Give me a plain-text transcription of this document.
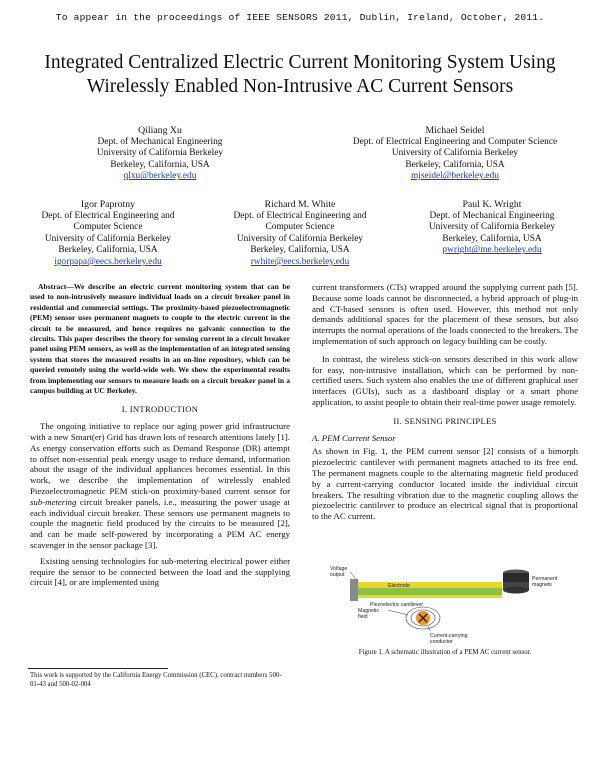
To appear in the proceedings of IEEE SENSORS 2011, Dublin, Ireland, October, 2011.
Integrated Centralized Electric Current Monitoring System Using Wirelessly Enabled Non-Intrusive AC Current Sensors
Qiliang Xu
Dept. of Mechanical Engineering
University of California Berkeley
Berkeley, California, USA
qlxu@berkeley.edu
Michael Seidel
Dept. of Electrical Engineering and Computer Science
University of California Berkeley
Berkeley, California, USA
mjseidel@berkeley.edu
Igor Paprotny
Dept. of Electrical Engineering and
Computer Science
University of California Berkeley
Berkeley, California, USA
igorpapa@eecs.berkeley.edu
Richard M. White
Dept. of Electrical Engineering and
Computer Science
University of California Berkeley
Berkeley, California, USA
rwhite@eecs.berkeley.edu
Paul K. Wright
Dept. of Mechanical Engineering
University of California Berkeley
Berkeley, California, USA
pwright@me.berkeley.edu

Abstract—We describe an electric current monitoring system that can be used to non-intrusively measure individual loads on a circuit breaker panel in residential and commercial settings. The proximity-based piezoelectromagnetic (PEM) sensor uses permanent magnets to couple to the electric current in the circuit to be measured, and hence requires no galvanic connection to the circuits. This paper describes the theory for sensing current in a circuit breaker panel using PEM sensors, as well as the implementation of an integrated sensing system that stores the measured results in an on-line repository, which can be queried remotely using the world-wide web. We show the experimental results from implementing our sensors to measure loads on a circuit breaker panel in a campus building at UC Berkeley.

I. INTRODUCTION

The ongoing initiative to replace our aging power grid infrastructure with a new Smart(er) Grid has drawn lots of research attentions lately [1]. As energy conservation efforts such as Demand Response (DR) attempt to offset non-essential peak energy usage to reduce demand, information about the usage of the individual appliances becomes essential. In this work, we describe the implementation of wirelessly enabled Piezoelectromagnetic PEM stick-on proximity-based current sensor for sub-metering circuit breaker panels, i.e., measuring the power usage at each individual circuit breaker. These sensors use permanent magnets to couple the magnetic field produced by the circuits to be measured [2], and can be made self-powered by incorporating a PEM AC energy scavenger in the sensor package [3].

Existing sensing technologies for sub-metering electrical power either require the sensor to be connected between the load and the supplying circuit [4], or are implemented using

This work is supported by the California Energy Commission (CEC), contract numbers 500-01-43 and 500-02-004

current transformers (CTs) wrapped around the supplying current path [5]. Because some loads cannot be disconnected, a hybrid approach of plug-in and CT-based sensors is often used. However, this method not only demands additional spaces for the placement of these sensors, but also interrupts the normal operations of the loads connected to the breakers. The implementation of such approach on legacy building can be costly.

In contrast, the wireless stick-on sensors described in this work allow for easy, non-intrusive installation, which can be performed by non-certified users. Such system also enables the use of different graphical user interfaces (GUIs), such as a dashboard display or a smart phone application, to assist people to obtain their real-time power usage remotely.

II. SENSING PRINCIPLES
A. PEM Current Sensor

As shown in Fig. 1, the PEM current sensor [2] consists of a bimorph piezoelectric cantilever with permanent magnets attached to its free end. The permanent magnets couple to the alternating magnetic field produced by a current-carrying conductor located inside the individual circuit breakers. The resulting vibration due to the magnetic coupling allows the piezoelectric cantilever to produce an electrical signal that is proportional to the AC current.

Voltage output
Electrode
Permanent magnets
Piezoelectric cantilever
Magnetic field
Current-carrying conductor
Figure 1. A schematic illustration of a PEM AC current sensor.
